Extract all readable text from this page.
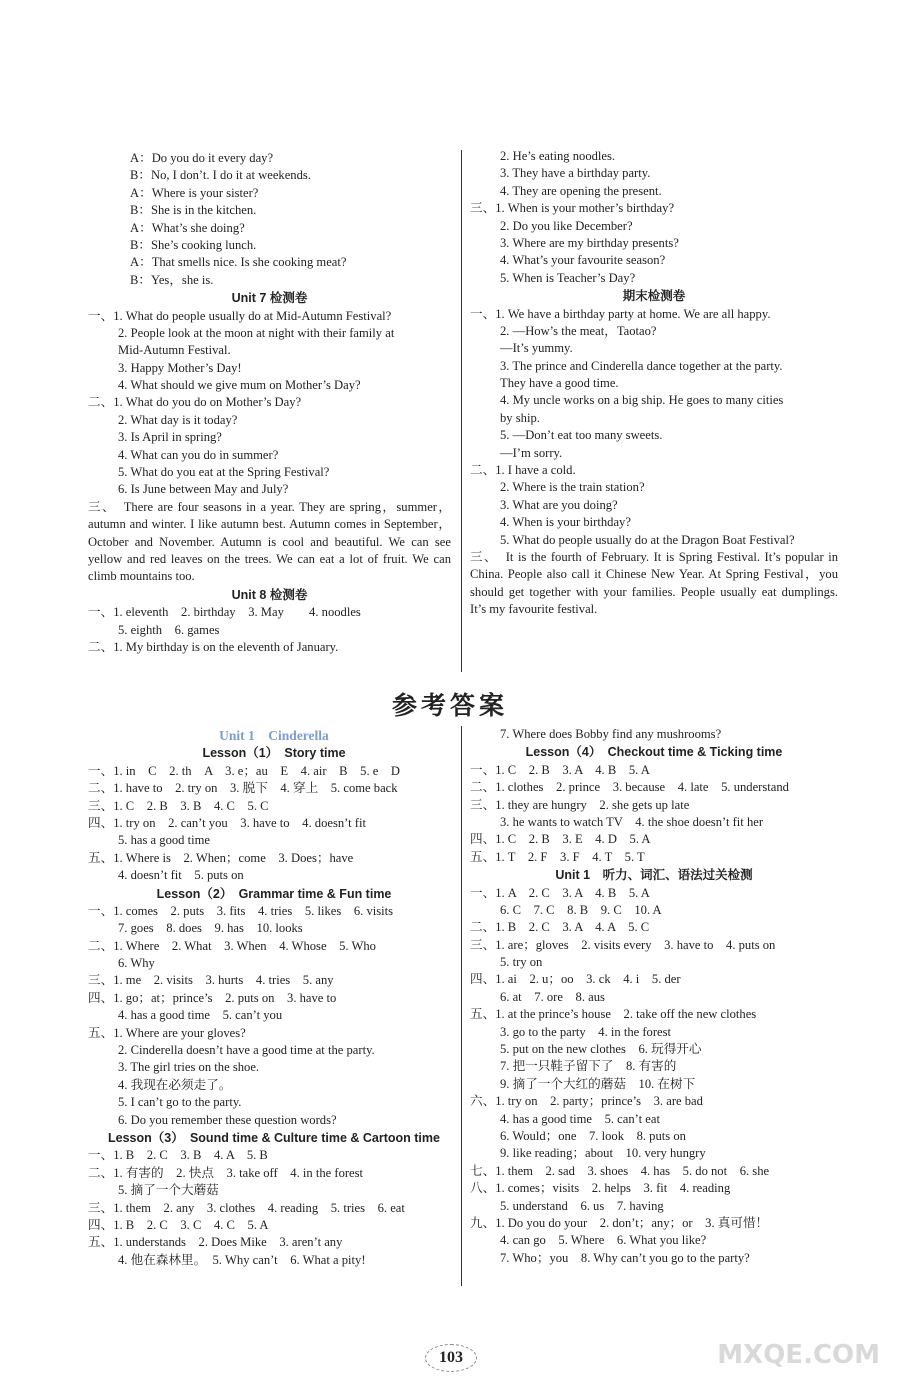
A：Do you do it every day?
B：No, I don’t. I do it at weekends.
A：Where is your sister?
B：She is in the kitchen.
A：What’s she doing?
B：She’s cooking lunch.
A：That smells nice. Is she cooking meat?
B：Yes，she is.
Unit 7 检测卷
一、1. What do people usually do at Mid-Autumn Festival?
2. People look at the moon at night with their family at
Mid-Autumn Festival.
3. Happy Mother’s Day!
4. What should we give mum on Mother’s Day?
二、1. What do you do on Mother’s Day?
2. What day is it today?
3. Is April in spring?
4. What can you do in summer?
5. What do you eat at the Spring Festival?
6. Is June between May and July?
三、　There are four seasons in a year. They are spring，summer，autumn and winter. I like autumn best. Autumn comes in September，October and November. Autumn is cool and beautiful. We can see yellow and red leaves on the trees. We can eat a lot of fruit. We can climb mountains too.
Unit 8 检测卷
一、1. eleventh　2. birthday　3. May　　4. noodles
5. eighth　6. games
二、1. My birthday is on the eleventh of January.
2. He’s eating noodles.
3. They have a birthday party.
4. They are opening the present.
三、1. When is your mother’s birthday?
2. Do you like December?
3. Where are my birthday presents?
4. What’s your favourite season?
5. When is Teacher’s Day?
期末检测卷
一、1. We have a birthday party at home. We are all happy.
2. —How’s the meat，Taotao?
—It’s yummy.
3. The prince and Cinderella dance together at the party.
They have a good time.
4. My uncle works on a big ship. He goes to many cities
by ship.
5. —Don’t eat too many sweets.
—I’m sorry.
二、1. I have a cold.
2. Where is the train station?
3. What are you doing?
4. When is your birthday?
5. What do people usually do at the Dragon Boat Festival?
三、　It is the fourth of February. It is Spring Festival. It’s popular in China. People also call it Chinese New Year. At Spring Festival，you should get together with your families. People usually eat dumplings. It’s my favourite festival.
参考答案
Unit 1　Cinderella
Lesson（1）　Story time
一、1. in　C　2. th　A　3. e；au　E　4. air　B　5. e　D
二、1. have to　2. try on　3. 脱下　4. 穿上　5. come back
三、1. C　2. B　3. B　4. C　5. C
四、1. try on　2. can’t you　3. have to　4. doesn’t fit
5. has a good time
五、1. Where is　2. When；come　3. Does；have
4. doesn’t fit　5. puts on
Lesson（2）　Grammar time & Fun time
一、1. comes　2. puts　3. fits　4. tries　5. likes　6. visits
7. goes　8. does　9. has　10. looks
二、1. Where　2. What　3. When　4. Whose　5. Who
6. Why
三、1. me　2. visits　3. hurts　4. tries　5. any
四、1. go；at；prince’s　2. puts on　3. have to
4. has a good time　5. can’t you
五、1. Where are your gloves?
2. Cinderella doesn’t have a good time at the party.
3. The girl tries on the shoe.
4. 我现在必须走了。
5. I can’t go to the party.
6. Do you remember these question words?
Lesson（3）　Sound time & Culture time & Cartoon time
一、1. B　2. C　3. B　4. A　5. B
二、1. 有害的　2. 快点　3. take off　4. in the forest
5. 摘了一个大蘑菇
三、1. them　2. any　3. clothes　4. reading　5. tries　6. eat
四、1. B　2. C　3. C　4. C　5. A
五、1. understands　2. Does Mike　3. aren’t any
4. 他在森林里。　5. Why can’t　6. What a pity!
7. Where does Bobby find any mushrooms?
Lesson（4）　Checkout time & Ticking time
一、1. C　2. B　3. A　4. B　5. A
二、1. clothes　2. prince　3. because　4. late　5. understand
三、1. they are hungry　2. she gets up late
3. he wants to watch TV　4. the shoe doesn’t fit her
四、1. C　2. B　3. E　4. D　5. A
五、1. T　2. F　3. F　4. T　5. T
Unit 1　听力、词汇、语法过关检测
一、1. A　2. C　3. A　4. B　5. A
6. C　7. C　8. B　9. C　10. A
二、1. B　2. C　3. A　4. A　5. C
三、1. are；gloves　2. visits every　3. have to　4. puts on
5. try on
四、1. ai　2. u；oo　3. ck　4. i　5. der
6. at　7. ore　8. aus
五、1. at the prince’s house　2. take off the new clothes
3. go to the party　4. in the forest
5. put on the new clothes　6. 玩得开心
7. 把一只鞋子留下了　8. 有害的
9. 摘了一个大红的蘑菇　10. 在树下
六、1. try on　2. party；prince’s　3. are bad
4. has a good time　5. can’t eat
6. Would；one　7. look　8. puts on
9. like reading；about　10. very hungry
七、1. them　2. sad　3. shoes　4. has　5. do not　6. she
八、1. comes；visits　2. helps　3. fit　4. reading
5. understand　6. us　7. having
九、1. Do you do your　2. don’t；any；or　3. 真可惜！
4. can go　5. Where　6. What you like?
7. Who；you　8. Why can’t you go to the party?
103	MXQE.COM
